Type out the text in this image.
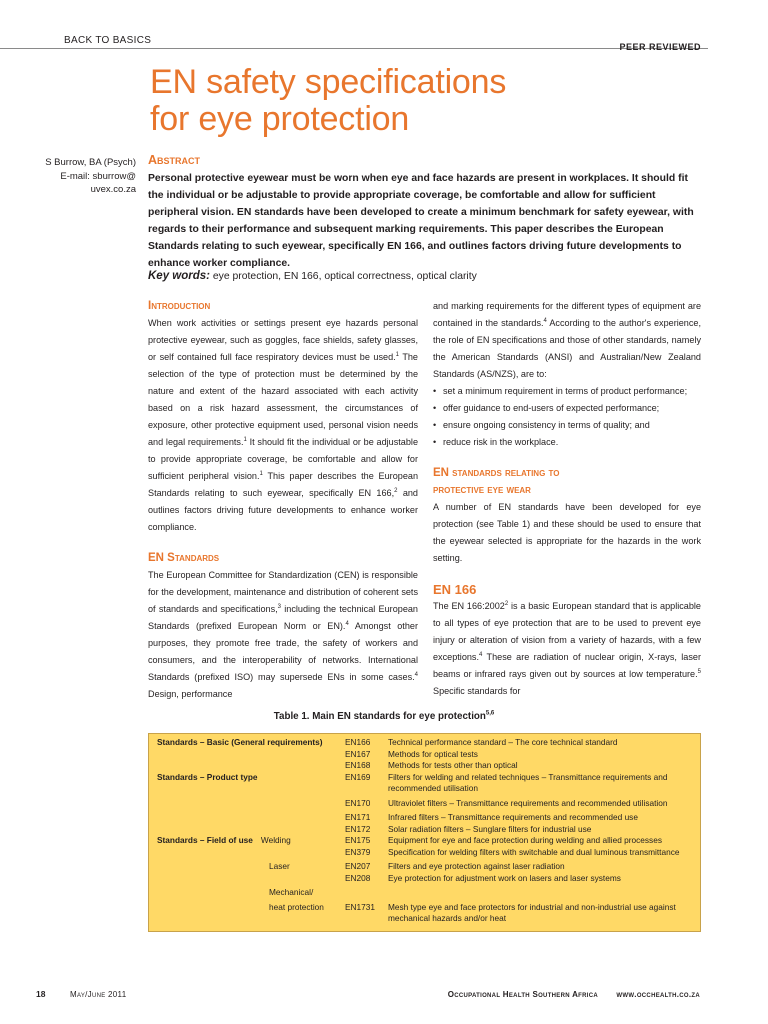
BACK TO BASICS
PEER REVIEWED
EN safety specifications
for eye protection
S Burrow, BA (Psych)
E-mail: sburrow@
uvex.co.za
Abstract
Personal protective eyewear must be worn when eye and face hazards are present in workplaces. It should fit the individual or be adjustable to provide appropriate coverage, be comfortable and allow for sufficient peripheral vision. EN standards have been developed to create a minimum benchmark for safety eyewear, with regards to their performance and subsequent marking requirements. This paper describes the European Standards relating to such eyewear, specifically EN 166, and outlines factors driving future developments to enhance worker compliance.
Key words: eye protection, EN 166, optical correctness, optical clarity
Introduction

When work activities or settings present eye hazards personal protective eyewear, such as goggles, face shields, safety glasses, or self contained full face respiratory devices must be used.$^1$ The selection of the type of protection must be determined by the nature and extent of the hazard associated with each activity based on a risk hazard assessment, the circumstances of exposure, other protective equipment used, personal vision needs and legal requirements.$^1$ It should fit the individual or be adjustable to provide appropriate coverage, be comfortable and allow for sufficient peripheral vision.$^1$ This paper describes the European Standards relating to such eyewear, specifically EN 166,$^2$ and outlines factors driving future developments to enhance worker compliance.

EN Standards

The European Committee for Standardization (CEN) is responsible for the development, maintenance and distribution of coherent sets of standards and specifications,$^3$ including the technical European Standards (prefixed European Norm or EN).$^4$ Amongst other purposes, they promote free trade, the safety of workers and consumers, and the interoperability of networks. International Standards (prefixed ISO) may supersede ENs in some cases.$^4$ Design, performance

and marking requirements for the different types of equipment are contained in the standards.$^4$ According to the author's experience, the role of EN specifications and those of other standards, namely the American Standards (ANSI) and Australian/New Zealand Standards (AS/NZS), are to:

• set a minimum requirement in terms of product performance;
• offer guidance to end-users of expected performance;
• ensure ongoing consistency in terms of quality; and
• reduce risk in the workplace.
EN standards relating to
protective eye wear

A number of EN standards have been developed for eye protection (see Table 1) and these should be used to ensure that the eyewear selected is appropriate for the hazards in the work setting.

EN 166

The EN 166:2002$^2$ is a basic European standard that is applicable to all types of eye protection that are to be used to prevent eye injury or alteration of vision from a variety of hazards, with a few exceptions.$^4$ These are radiation of nuclear origin, X-rays, laser beams or infrared rays given out by sources at low temperature.$^5$ Specific standards for

Table 1. Main EN standards for eye protection$^{5,6}$
Standards – Basic (General requirements)	EN166	Technical performance standard – The core technical standard
EN167	Methods for optical tests
EN168	Methods for tests other than optical
Standards – Product type	EN169	Filters for welding and related techniques – Transmittance requirements and recommended utilisation
EN170	Ultraviolet filters – Transmittance requirements and recommended utilisation
EN171	Infrared filters – Transmittance requirements and recommended use
EN172	Solar radiation filters – Sunglare filters for industrial use
Standards – Field of use Welding	EN175	Equipment for eye and face protection during welding and allied processes
EN379	Specification for welding filters with switchable and dual luminous transmittance
Laser	EN207	Filters and eye protection against laser radiation
EN208	Eye protection for adjustment work on lasers and laser systems
Mechanical/
heat protection	EN1731	Mesh type eye and face protectors for industrial and non-industrial use against mechanical hazards and/or heat
18	May/June 2011	Occupational Health Southern Africa www.occhealth.co.za
